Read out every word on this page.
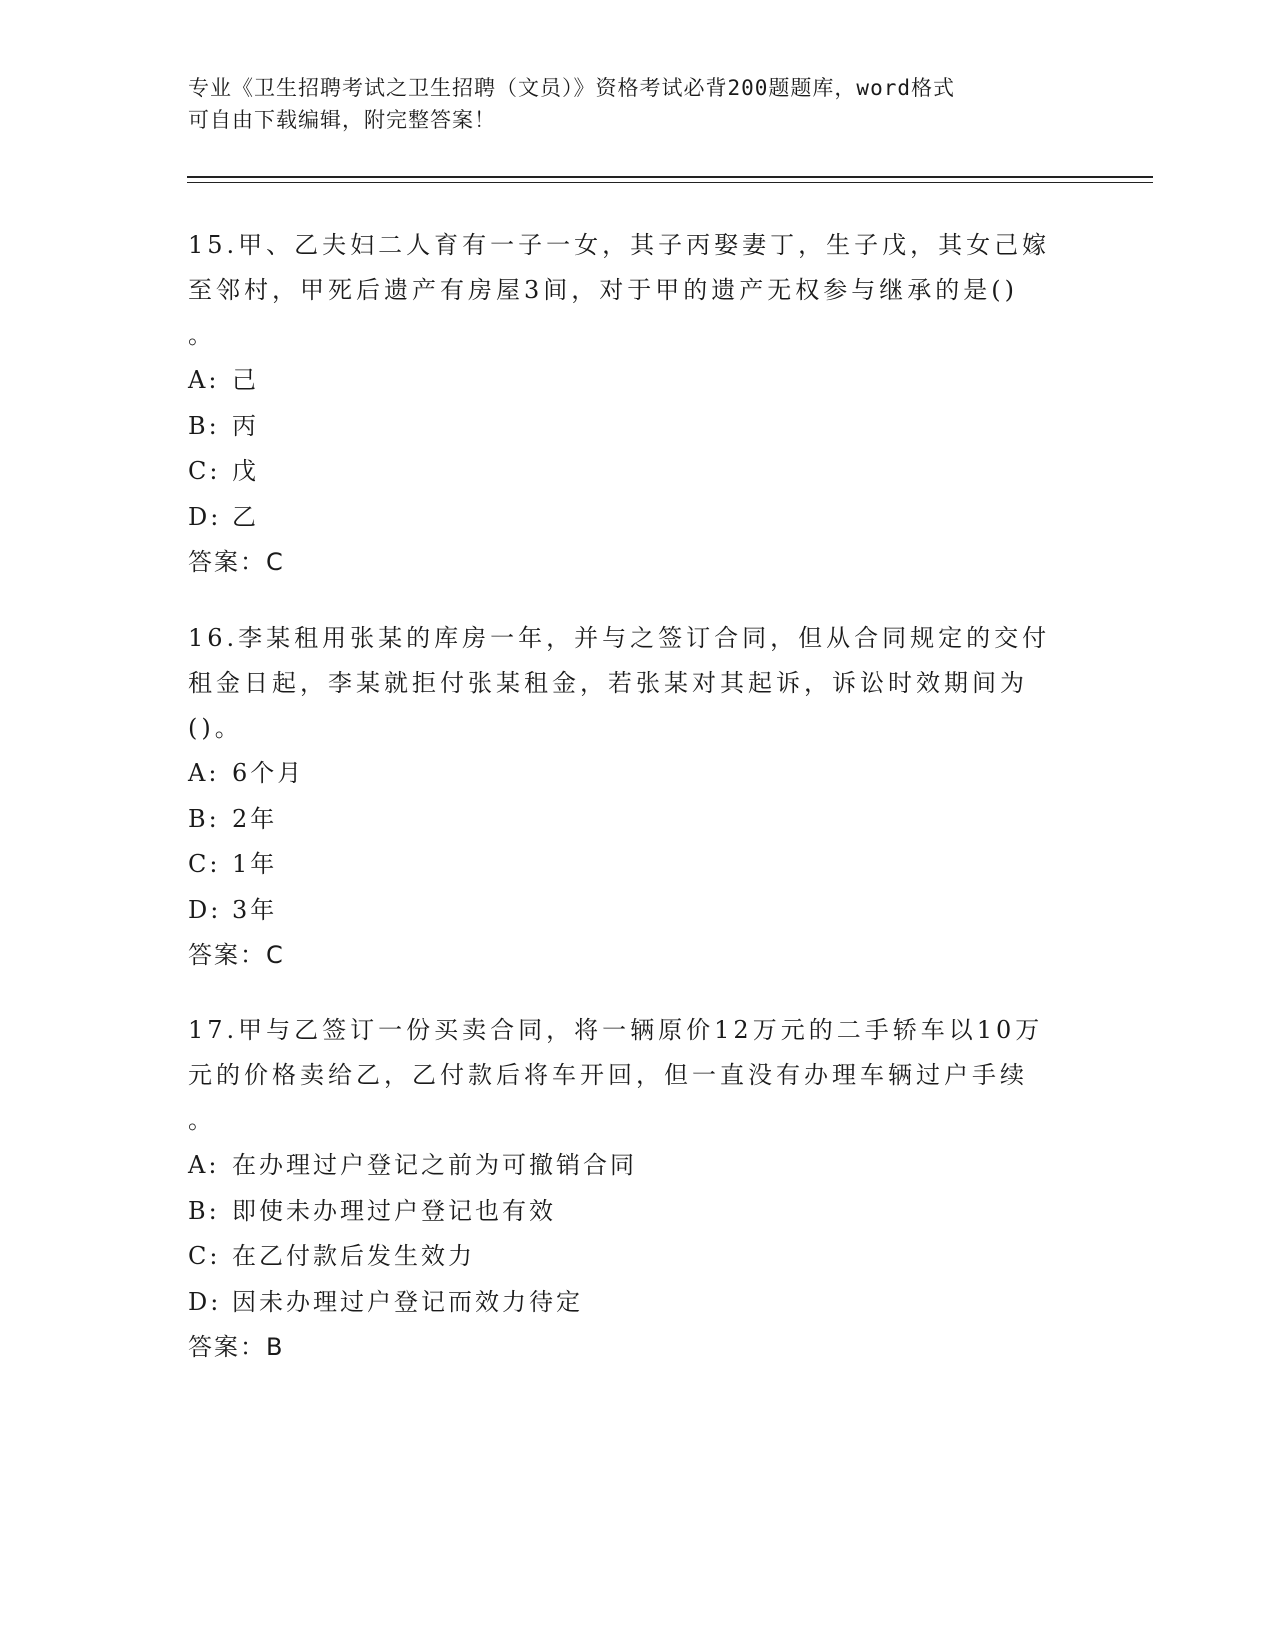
专业《卫生招聘考试之卫生招聘（文员）》资格考试必背200题题库，word格式
可自由下载编辑，附完整答案！

15.甲、乙夫妇二人育有一子一女，其子丙娶妻丁，生子戊，其女己嫁

至邻村，甲死后遗产有房屋3间，对于甲的遗产无权参与继承的是()

。

A: 己
B: 丙
C: 戊
D: 乙

答案：C

16.李某租用张某的库房一年，并与之签订合同，但从合同规定的交付

租金日起，李某就拒付张某租金，若张某对其起诉，诉讼时效期间为

()。

A: 6个月
B: 2年
C: 1年
D: 3年

答案：C

17.甲与乙签订一份买卖合同，将一辆原价12万元的二手轿车以10万

元的价格卖给乙，乙付款后将车开回，但一直没有办理车辆过户手续

。

A: 在办理过户登记之前为可撤销合同
B: 即使未办理过户登记也有效
C: 在乙付款后发生效力
D: 因未办理过户登记而效力待定

答案：B
